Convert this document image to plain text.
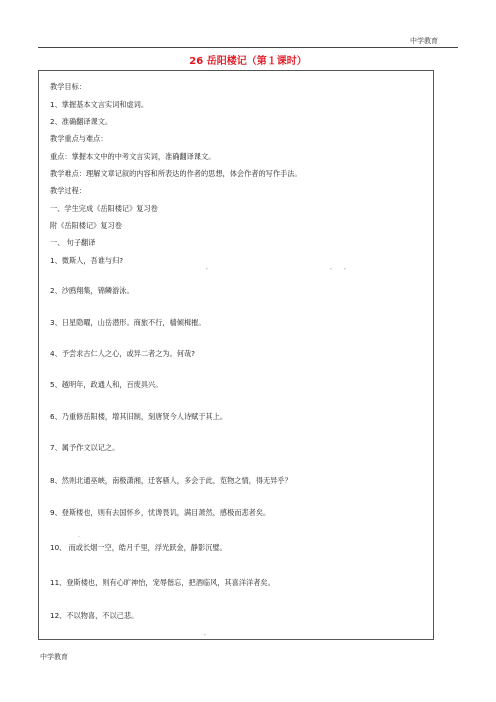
中学教育
26 岳阳楼记（第１课时）
教学目标：
1、掌握基本文言实词和虚词。
2、准确翻译课文。
教学重点与难点：
重点：掌握本文中的中考文言实词，准确翻译课文。
教学难点：理解文章记叙的内容和所表达的作者的思想，体会作者的写作手法。
教学过程：
一、学生完成《岳阳楼记》复习卷
附《岳阳楼记》复习卷
一、 句子翻译
1、微斯人，吾谁与归?
2、沙鸥翔集，锦鳞游泳。
3、日星隐曜，山岳潜形。商旅不行，樯倾楫摧。
4、予尝求古仁人之心，或异二者之为。何哉?
5、越明年，政通人和，百废具兴。
6、乃重修岳阳楼，增其旧制，刻唐贤今人诗赋于其上。
7、属予作文以记之。
8、然则北通巫峡，南极潇湘，迁客骚人，多会于此，览物之情，得无异乎？
9、登斯楼也，则有去国怀乡，忧谗畏讥，满目萧然，感极而悲者矣。
10、 而或长烟一空，皓月千里，浮光跃金，静影沉璧。
11、登斯楼也，则有心旷神怡，宠辱偕忘，把酒临风，其喜洋洋者矣。
12、不以物喜，不以己悲。
,	, ,
.
,
中学教育
